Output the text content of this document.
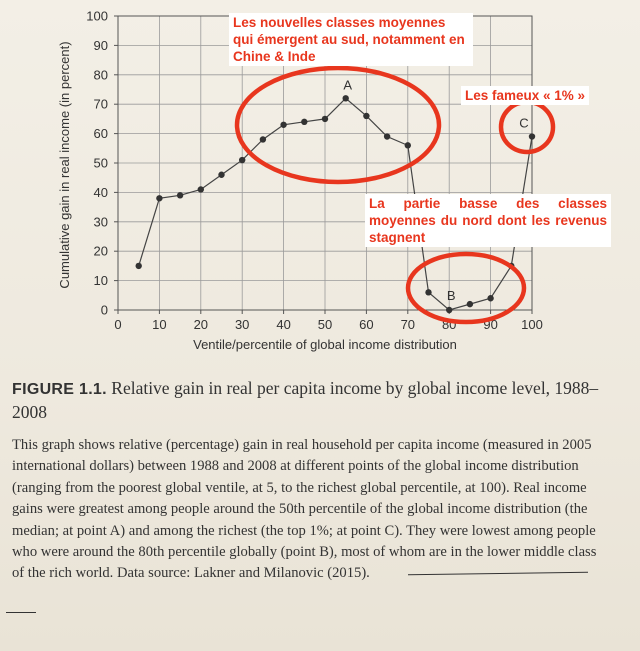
0 10 20 30 40 50 60 70 80 90 100
0
10
20
30
40
50
60
70
80
90
100
A
B
C
Cumulative gain in real income (in percent)
Ventile/percentile of global income distribution
Les nouvelles classes moyennes qui émergent au sud, notamment en Chine & Inde
Les fameux « 1% »
La partie basse des classes moyennes du nord dont les revenus stagnent
FIGURE 1.1. Relative gain in real per capita income by global income level, 1988–2008
This graph shows relative (percentage) gain in real household per capita income (measured in 2005 international dollars) between 1988 and 2008 at different points of the global income distribution (ranging from the poorest global ventile, at 5, to the richest global percentile, at 100). Real income gains were greatest among people around the 50th percentile of the global income distribution (the median; at point A) and among the richest (the top 1%; at point C). They were lowest among people who were around the 80th percentile globally (point B), most of whom are in the lower middle class of the rich world. Data source: Lakner and Milanovic (2015).
